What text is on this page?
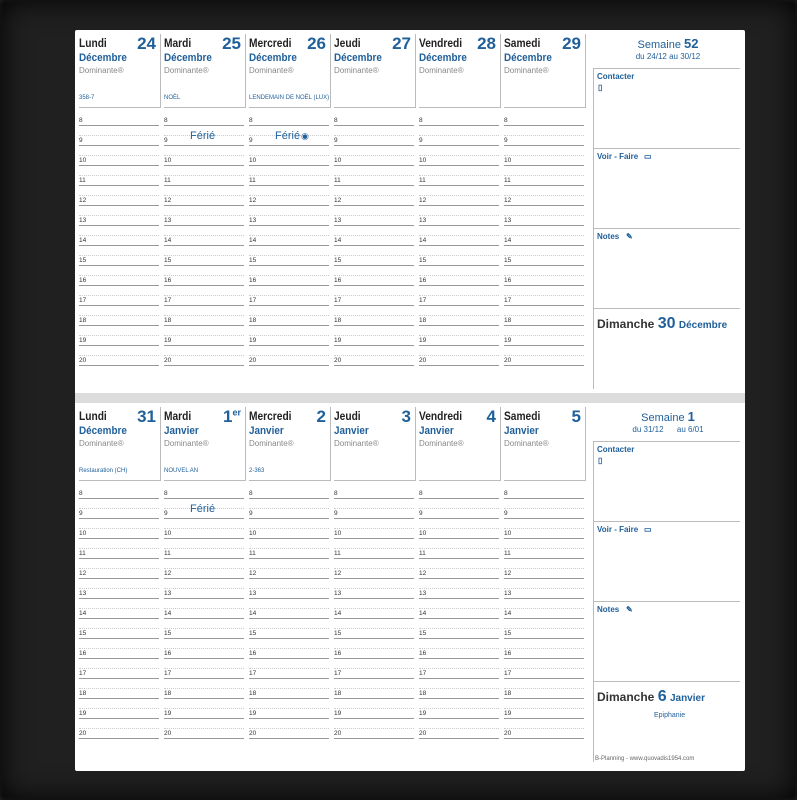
Lundi 24
Décembre
Dominante®
358-7
8
9
10
11
12
13
14
15
16
17
18
19
20
Mardi 25
Décembre
Dominante®
NOËL
8
9
10
11
12
13
14
15
16
17
18
19
20
Férié
Mercredi 26
Décembre
Dominante®
LENDEMAIN DE NOËL (LUX)
8
9
10
11
12
13
14
15
16
17
18
19
20
Férié ◉
Jeudi 27
Décembre
Dominante®
8
9
10
11
12
13
14
15
16
17
18
19
20
Vendredi 28
Décembre
Dominante®
8
9
10
11
12
13
14
15
16
17
18
19
20
Samedi 29
Décembre
Dominante®
8
9
10
11
12
13
14
15
16
17
18
19
20
Semaine 52
du 24/12 au 30/12
Contacter
▯
Voir - Faire ▭
Notes ✎
Dimanche 30 Décembre
Lundi 31
Décembre
Dominante®
Restauration (CH)
8
9
10
11
12
13
14
15
16
17
18
19
20
Mardi 1er
Janvier
Dominante®
NOUVEL AN
8
9
10
11
12
13
14
15
16
17
18
19
20
Férié
Mercredi 2
Janvier
Dominante®
2-363
8
9
10
11
12
13
14
15
16
17
18
19
20
Jeudi 3
Janvier
Dominante®
8
9
10
11
12
13
14
15
16
17
18
19
20
Vendredi 4
Janvier
Dominante®
8
9
10
11
12
13
14
15
16
17
18
19
20
Samedi 5
Janvier
Dominante®
8
9
10
11
12
13
14
15
16
17
18
19
20
Semaine 1
du 31/12      au 6/01
Contacter
▯
Voir - Faire ▭
Notes ✎
Dimanche 6 Janvier
Epiphanie
B-Planning - www.quovadis1954.com
